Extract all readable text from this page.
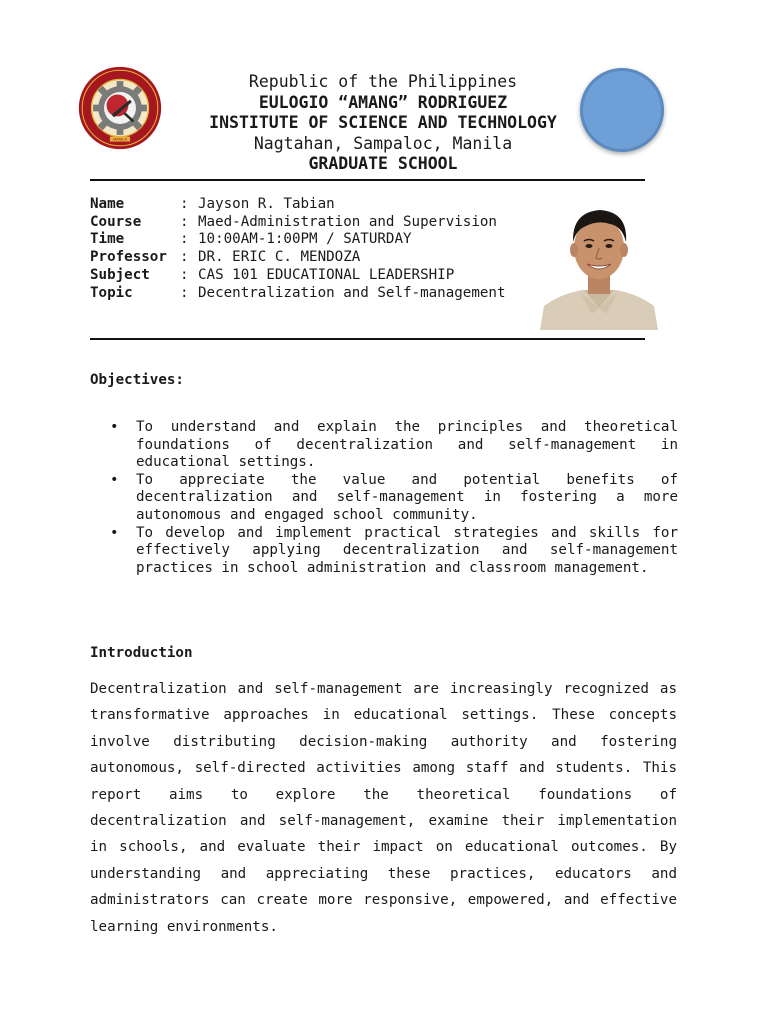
MANILA
Republic of the Philippines
EULOGIO “AMANG” RODRIGUEZ
INSTITUTE OF SCIENCE AND TECHNOLOGY
Nagtahan, Sampaloc, Manila
GRADUATE SCHOOL
Name	: Jayson R. Tabian
Course	: Maed-Administration and Supervision
Time	: 10:00AM-1:00PM / SATURDAY
Professor : DR. ERIC C. MENDOZA
Subject	: CAS 101 EDUCATIONAL LEADERSHIP
Topic	: Decentralization and Self-management
Objectives:
• To understand and explain the principles and theoretical foundations of decentralization and self-management in educational settings.
• To appreciate the value and potential benefits of decentralization and self-management in fostering a more autonomous and engaged school community.
• To develop and implement practical strategies and skills for effectively applying decentralization and self-management practices in school administration and classroom management.
Introduction

Decentralization and self-management are increasingly recognized as transformative approaches in educational settings. These concepts involve distributing decision-making authority and fostering autonomous, self-directed activities among staff and students. This report aims to explore the theoretical foundations of decentralization and self-management, examine their implementation in schools, and evaluate their impact on educational outcomes. By understanding and appreciating these practices, educators and administrators can create more responsive, empowered, and effective learning environments.
